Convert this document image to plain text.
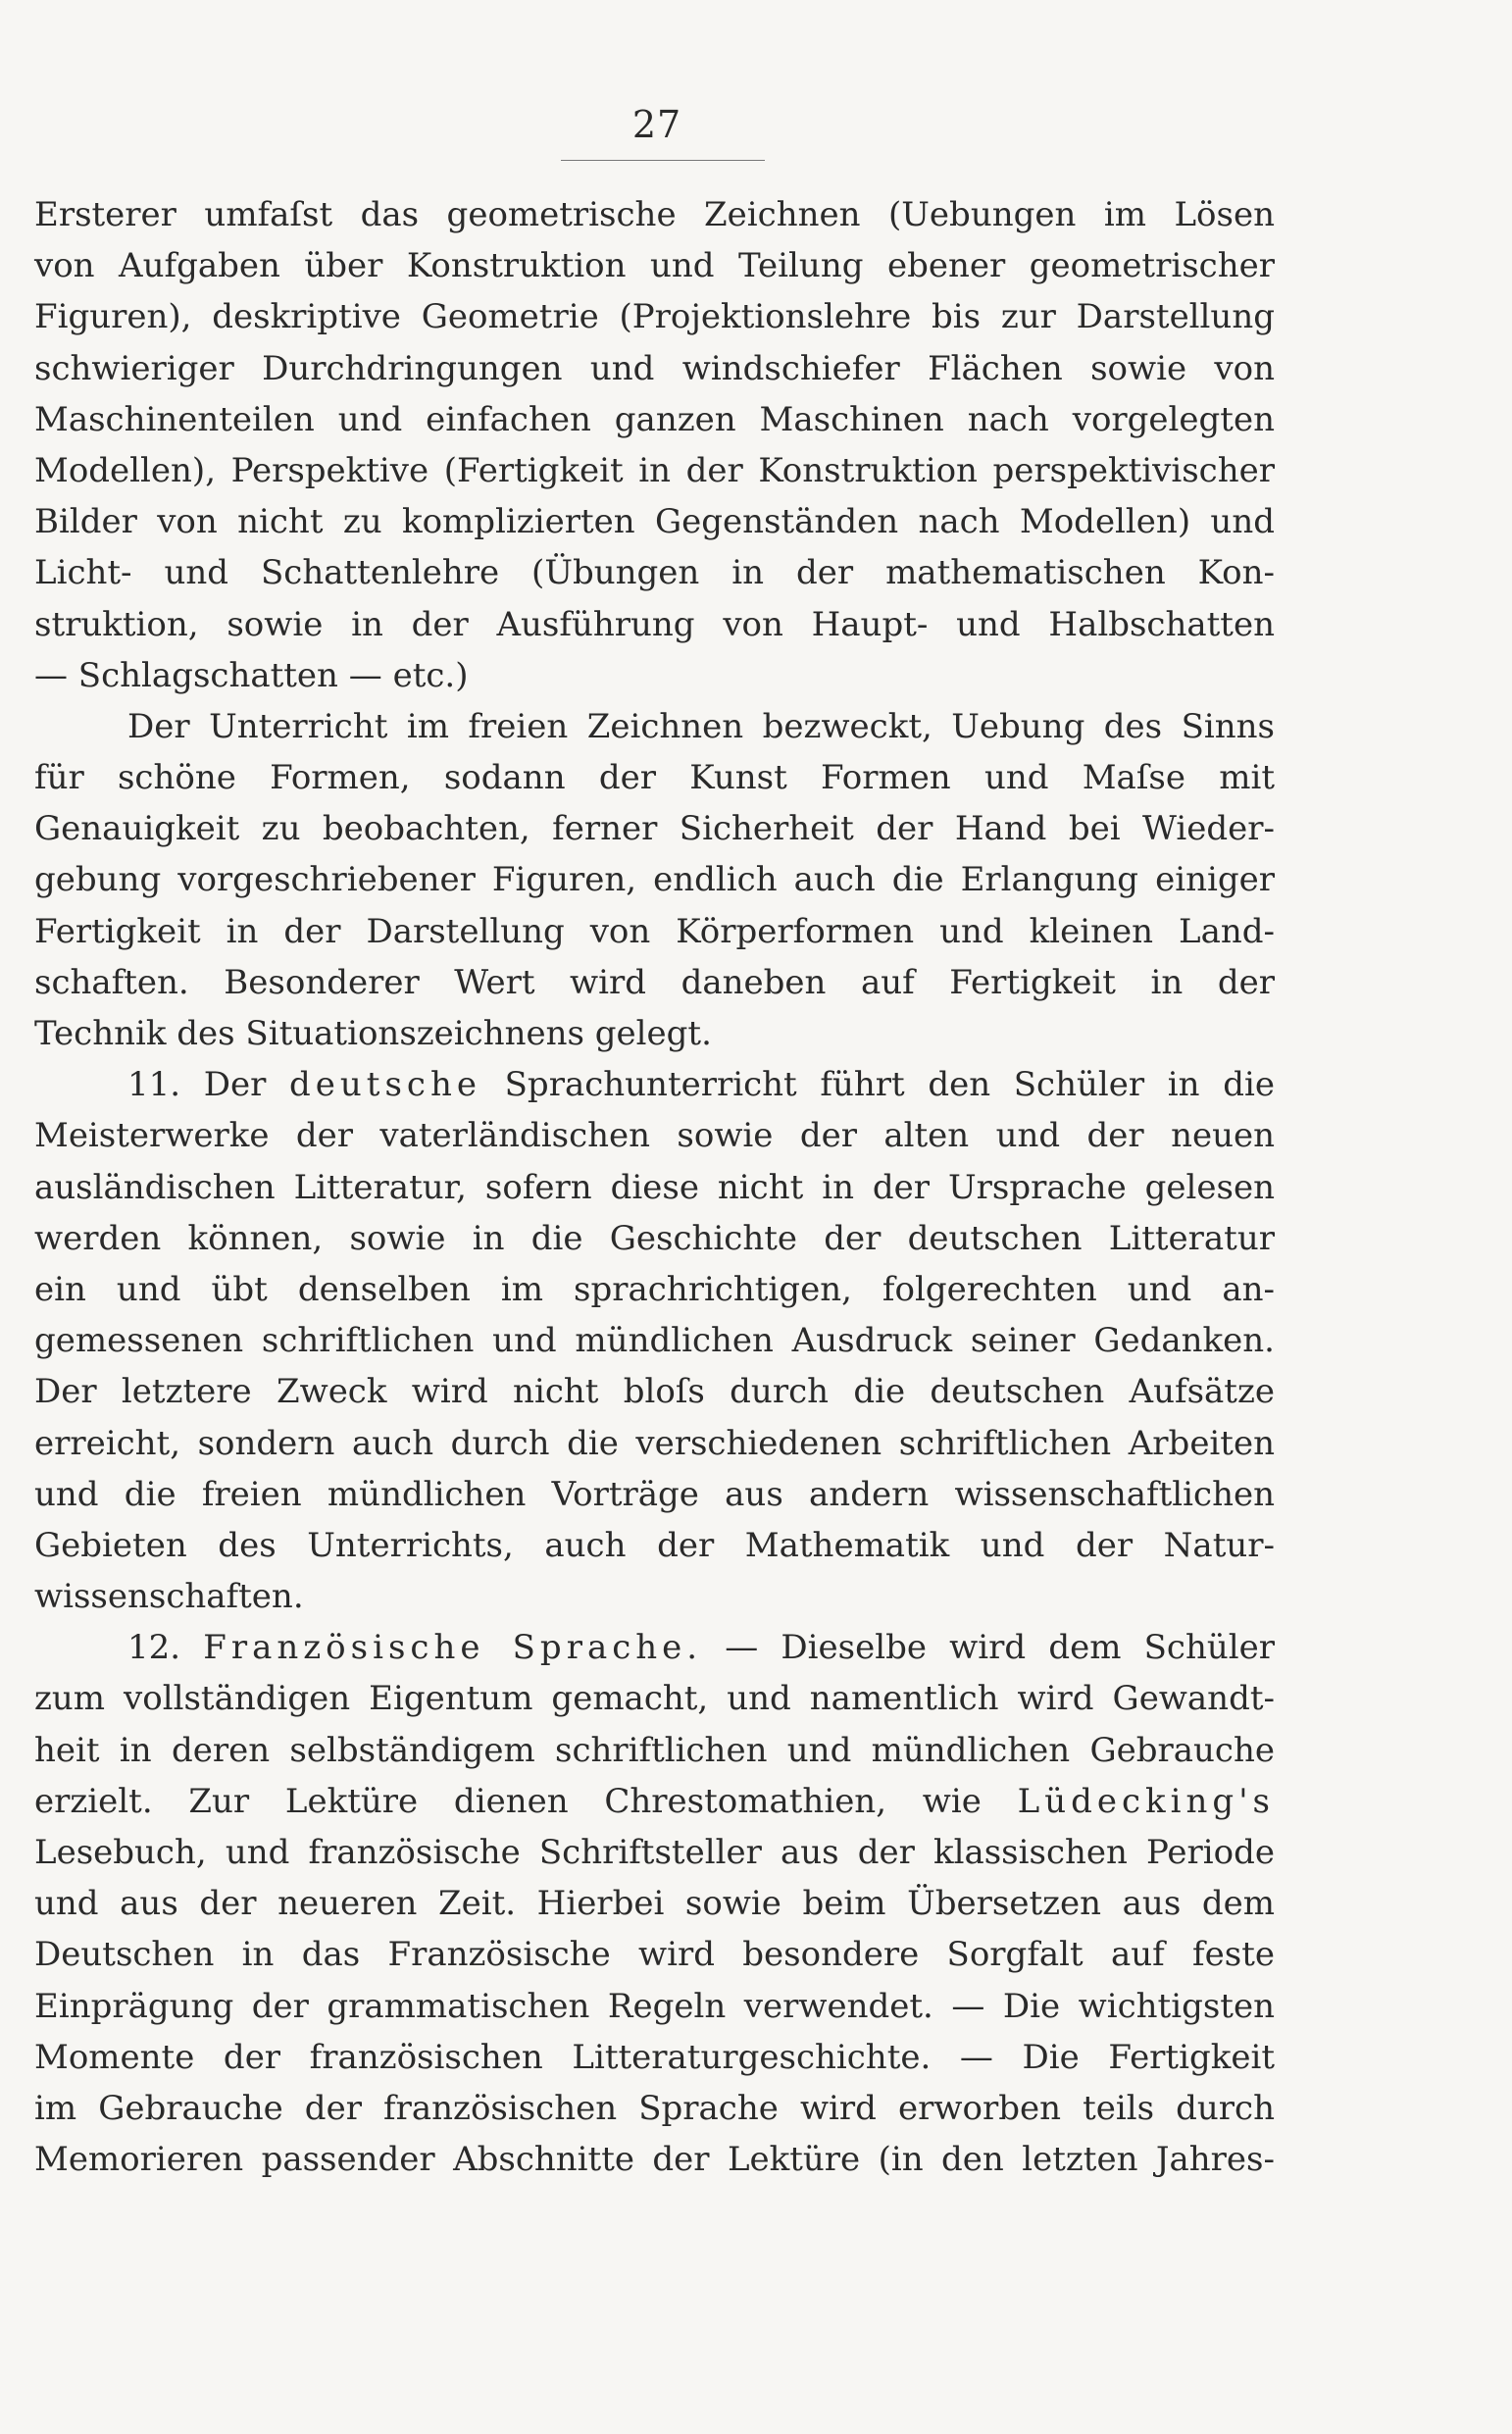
27
Ersterer umfaſst das geometrische Zeichnen (Uebungen im Lösen
von Aufgaben über Konstruktion und Teilung ebener geometrischer
Figuren), deskriptive Geometrie (Projektionslehre bis zur Darstellung
schwieriger Durchdringungen und windschiefer Flächen sowie von
Maschinenteilen und einfachen ganzen Maschinen nach vorgelegten
Modellen), Perspektive (Fertigkeit in der Konstruktion perspektivischer
Bilder von nicht zu komplizierten Gegenständen nach Modellen) und
Licht- und Schattenlehre (Übungen in der mathematischen Kon-
struktion, sowie in der Ausführung von Haupt- und Halbschatten
— Schlagschatten — etc.)
Der Unterricht im freien Zeichnen bezweckt, Uebung des Sinns
für schöne Formen, sodann der Kunst Formen und Maſse mit
Genauigkeit zu beobachten, ferner Sicherheit der Hand bei Wieder-
gebung vorgeschriebener Figuren, endlich auch die Erlangung einiger
Fertigkeit in der Darstellung von Körperformen und kleinen Land-
schaften. Besonderer Wert wird daneben auf Fertigkeit in der
Technik des Situationszeichnens gelegt.
11. Der deutsche Sprachunterricht führt den Schüler in die
Meisterwerke der vaterländischen sowie der alten und der neuen
ausländischen Litteratur, sofern diese nicht in der Ursprache gelesen
werden können, sowie in die Geschichte der deutschen Litteratur
ein und übt denselben im sprachrichtigen, folgerechten und an-
gemessenen schriftlichen und mündlichen Ausdruck seiner Gedanken.
Der letztere Zweck wird nicht bloſs durch die deutschen Aufsätze
erreicht, sondern auch durch die verschiedenen schriftlichen Arbeiten
und die freien mündlichen Vorträge aus andern wissenschaftlichen
Gebieten des Unterrichts, auch der Mathematik und der Natur-
wissenschaften.
12. Französische Sprache. — Dieselbe wird dem Schüler
zum vollständigen Eigentum gemacht, und namentlich wird Gewandt-
heit in deren selbständigem schriftlichen und mündlichen Gebrauche
erzielt. Zur Lektüre dienen Chrestomathien, wie Lüdecking's
Lesebuch, und französische Schriftsteller aus der klassischen Periode
und aus der neueren Zeit. Hierbei sowie beim Übersetzen aus dem
Deutschen in das Französische wird besondere Sorgfalt auf feste
Einprägung der grammatischen Regeln verwendet. — Die wichtigsten
Momente der französischen Litteraturgeschichte. — Die Fertigkeit
im Gebrauche der französischen Sprache wird erworben teils durch
Memorieren passender Abschnitte der Lektüre (in den letzten Jahres-
